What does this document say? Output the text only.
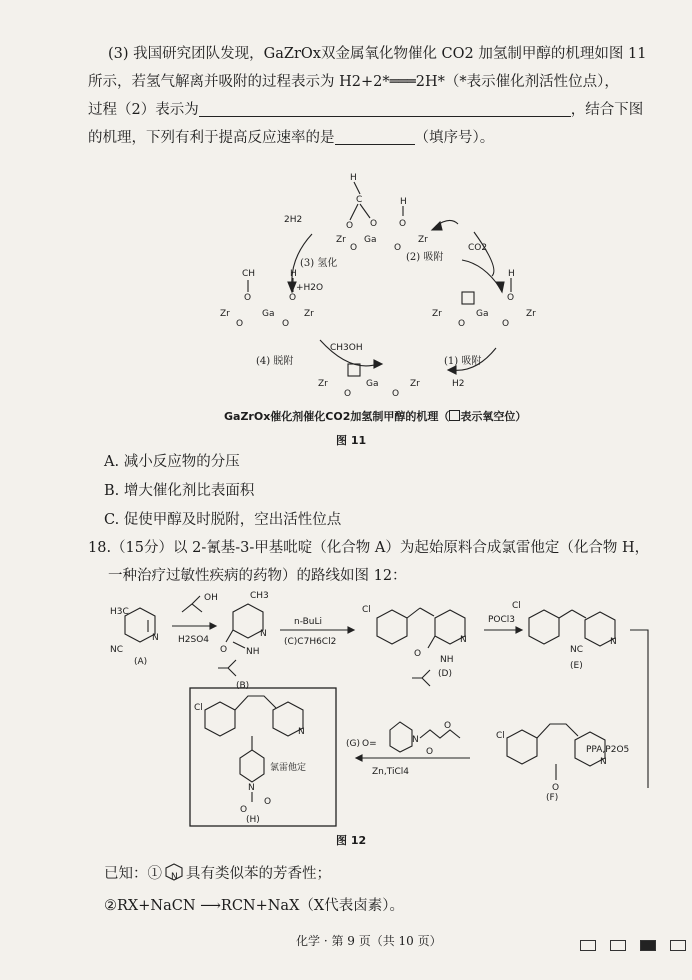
(3) 我国研究团队发现，GaZrOx双金属氧化物催化 CO2 加氢制甲醇的机理如图 11
所示，若氢气解离并吸附的过程表示为 H2+2*═══2H*（*表示催化剂活性位点），
过程（2）表示为	，结合下图
的机理，下列有利于提高反应速率的是	（填序号）。
H
C
O O
H
O
Zr Ga	Zr
O	O
2H2
CO2
(3) 氢化
(2) 吸附
CH
O
Zr	Ga
H
O
+H2O
Zr
O	O
Zr	Ga
H
O
Zr
O	O
CH3OH
(4) 脱附	(1) 吸附
H2
Zr	Ga	Zr
O	O
GaZrOx催化剂催化CO2加氢制甲醇的机理（ 表示氧空位）
图 11
A. 减小反应物的分压
B. 增大催化剂比表面积
C. 促使甲醇及时脱附，空出活性位点
18.（15分）以 2-氰基-3-甲基吡啶（化合物 A）为起始原料合成氯雷他定（化合物 H，
一种治疗过敏性疾病的药物）的路线如图 12：
H3C
N
NC
(A)
OH
H2SO4
CH3
N
O NH
(B)
n-BuLi
(C)C7H6Cl2
Cl
N
O
NH
(D)
POCl3
Cl
N
NC
(E)
PPA,P2O5
Cl
N
O
(F)
Zn,TiCl4
(G) O=	N
O
O
Cl
N
N
氯雷他定
O
O
(H)
图 12
已知：① N 具有类似苯的芳香性；
②RX+NaCN ⟶RCN+NaX（X代表卤素）。
化学 · 第 9 页（共 10 页）
